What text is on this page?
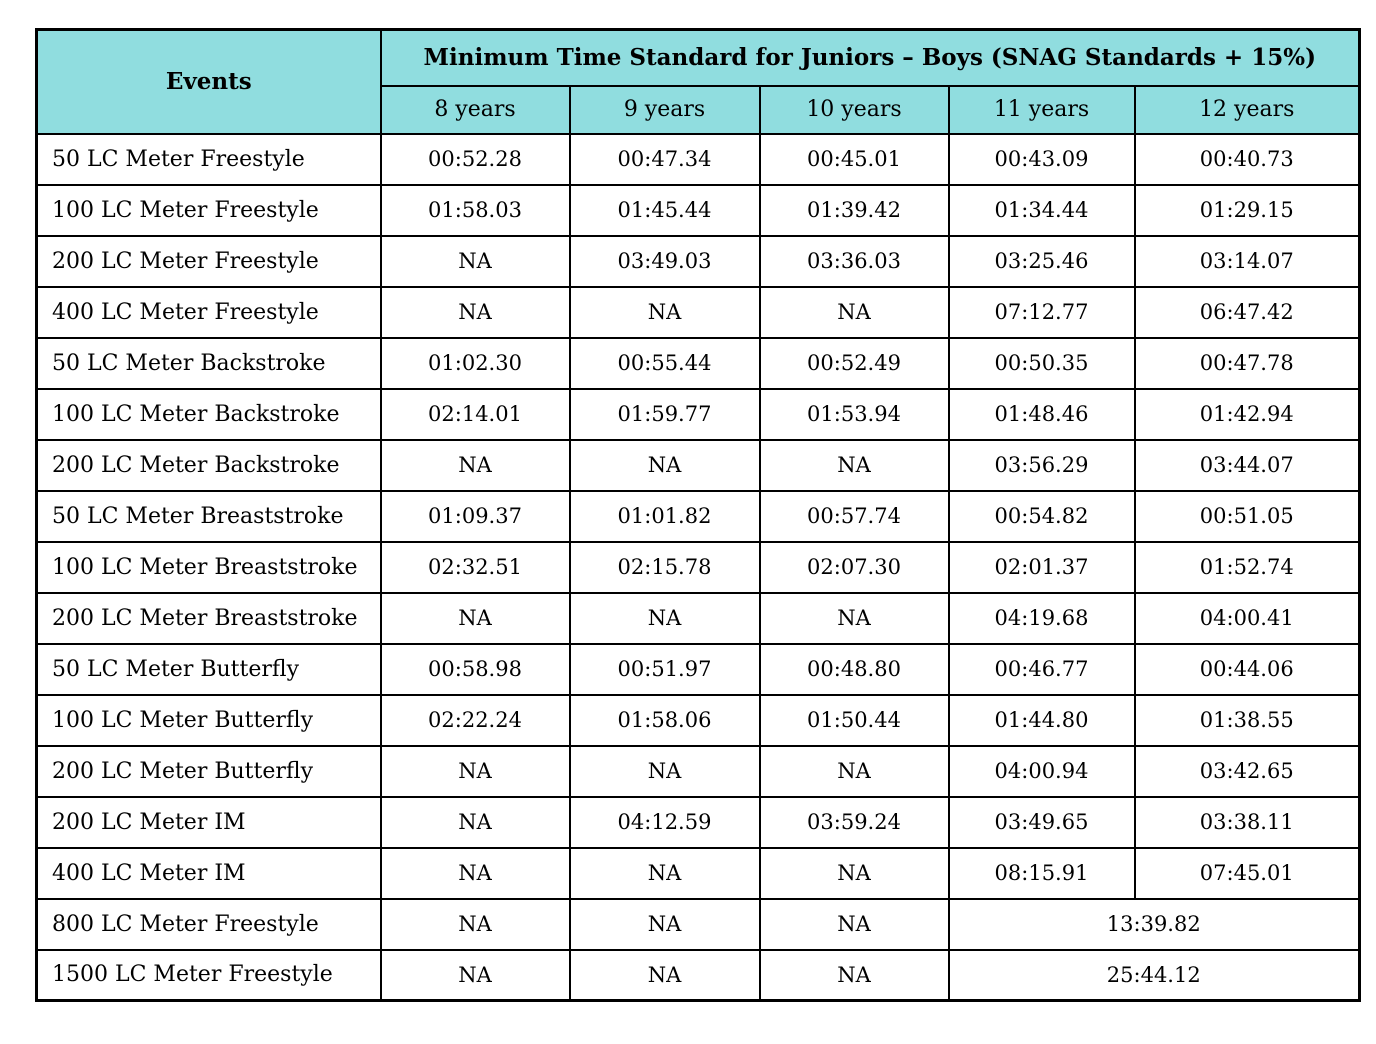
Events	Minimum Time Standard for Juniors – Boys (SNAG Standards + 15%)				
	8 years	9 years	10 years	11 years	12 years
50 LC Meter Freestyle	00:52.28	00:47.34	00:45.01	00:43.09	00:40.73
100 LC Meter Freestyle	01:58.03	01:45.44	01:39.42	01:34.44	01:29.15
200 LC Meter Freestyle	NA	03:49.03	03:36.03	03:25.46	03:14.07
400 LC Meter Freestyle	NA	NA	NA	07:12.77	06:47.42
50 LC Meter Backstroke	01:02.30	00:55.44	00:52.49	00:50.35	00:47.78
100 LC Meter Backstroke	02:14.01	01:59.77	01:53.94	01:48.46	01:42.94
200 LC Meter Backstroke	NA	NA	NA	03:56.29	03:44.07
50 LC Meter Breaststroke	01:09.37	01:01.82	00:57.74	00:54.82	00:51.05
100 LC Meter Breaststroke	02:32.51	02:15.78	02:07.30	02:01.37	01:52.74
200 LC Meter Breaststroke	NA	NA	NA	04:19.68	04:00.41
50 LC Meter Butterfly	00:58.98	00:51.97	00:48.80	00:46.77	00:44.06
100 LC Meter Butterfly	02:22.24	01:58.06	01:50.44	01:44.80	01:38.55
200 LC Meter Butterfly	NA	NA	NA	04:00.94	03:42.65
200 LC Meter IM	NA	04:12.59	03:59.24	03:49.65	03:38.11
400 LC Meter IM	NA	NA	NA	08:15.91	07:45.01
800 LC Meter Freestyle	NA	NA	NA	13:39.82	
1500 LC Meter Freestyle	NA	NA	NA	25:44.12	
